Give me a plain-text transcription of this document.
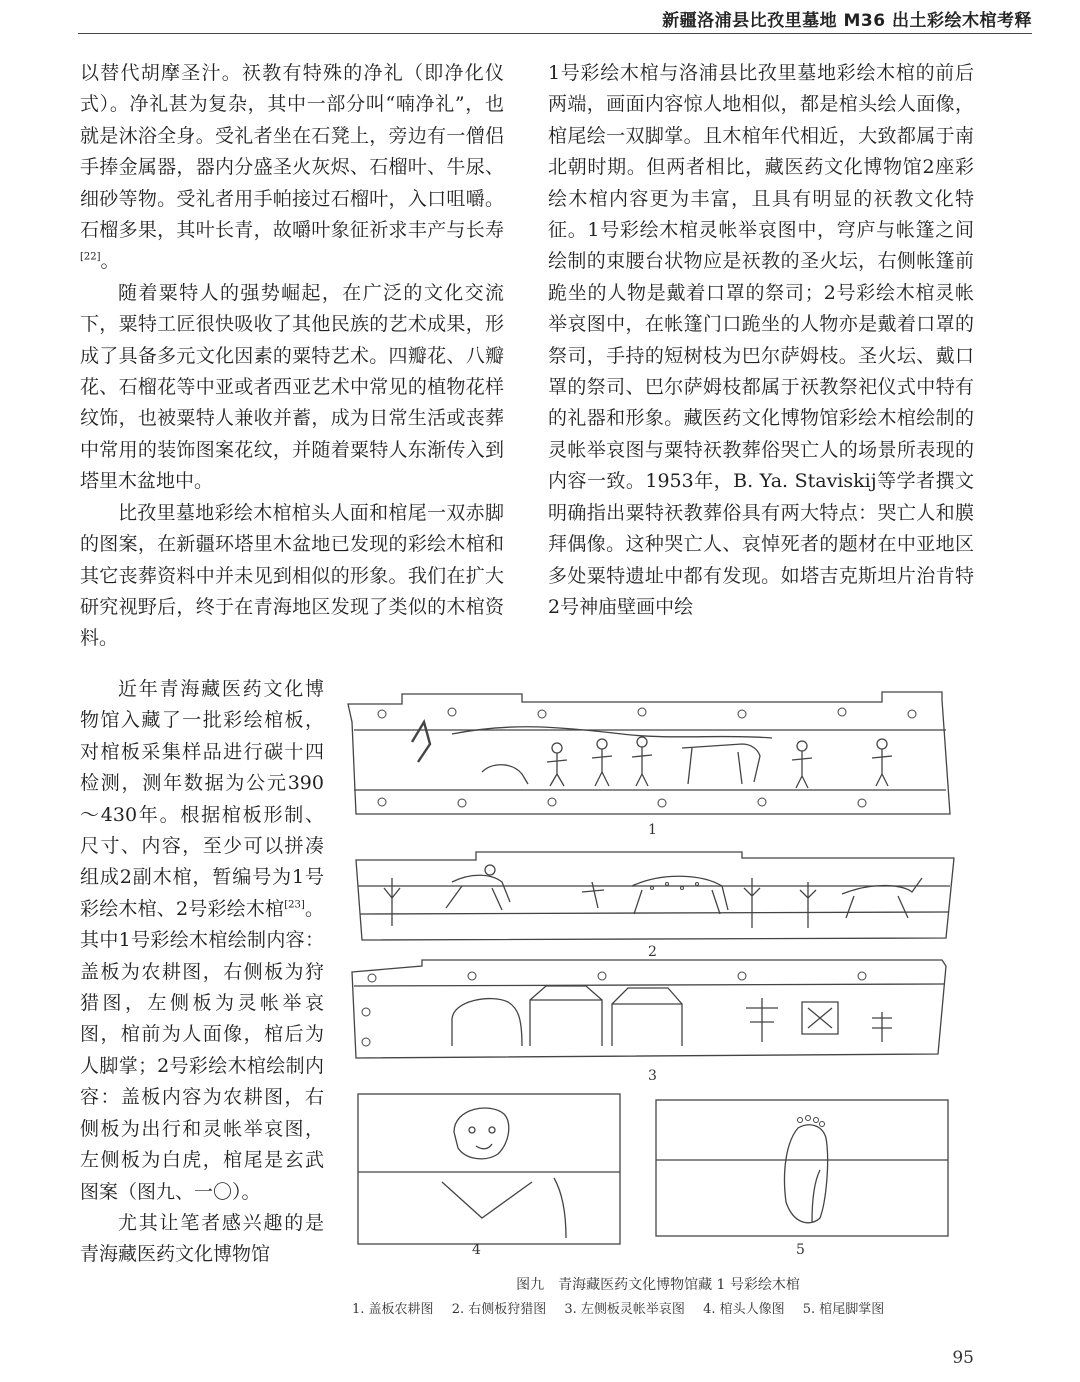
新疆洛浦县比孜里墓地 M36 出土彩绘木棺考释

以替代胡摩圣汁。祆教有特殊的净礼（即净化仪式）。净礼甚为复杂，其中一部分叫“喃净礼”，也就是沐浴全身。受礼者坐在石凳上，旁边有一僧侣手捧金属器，器内分盛圣火灰烬、石榴叶、牛尿、细砂等物。受礼者用手帕接过石榴叶，入口咀嚼。石榴多果，其叶长青，故嚼叶象征祈求丰产与长寿[22]。

随着粟特人的强势崛起，在广泛的文化交流下，粟特工匠很快吸收了其他民族的艺术成果，形成了具备多元文化因素的粟特艺术。四瓣花、八瓣花、石榴花等中亚或者西亚艺术中常见的植物花样纹饰，也被粟特人兼收并蓄，成为日常生活或丧葬中常用的装饰图案花纹，并随着粟特人东渐传入到塔里木盆地中。

比孜里墓地彩绘木棺棺头人面和棺尾一双赤脚的图案，在新疆环塔里木盆地已发现的彩绘木棺和其它丧葬资料中并未见到相似的形象。我们在扩大研究视野后，终于在青海地区发现了类似的木棺资料。

近年青海藏医药文化博物馆入藏了一批彩绘棺板，对棺板采集样品进行碳十四检测，测年数据为公元390～430年。根据棺板形制、尺寸、内容，至少可以拼凑组成2副木棺，暂编号为1号彩绘木棺、2号彩绘木棺[23]。其中1号彩绘木棺绘制内容：盖板为农耕图，右侧板为狩猎图，左侧板为灵帐举哀图，棺前为人面像，棺后为人脚掌；2号彩绘木棺绘制内容：盖板内容为农耕图，右侧板为出行和灵帐举哀图，左侧板为白虎，棺尾是玄武图案（图九、一〇）。

尤其让笔者感兴趣的是青海藏医药文化博物馆

1号彩绘木棺与洛浦县比孜里墓地彩绘木棺的前后两端，画面内容惊人地相似，都是棺头绘人面像，棺尾绘一双脚掌。且木棺年代相近，大致都属于南北朝时期。但两者相比，藏医药文化博物馆2座彩绘木棺内容更为丰富，且具有明显的祆教文化特征。1号彩绘木棺灵帐举哀图中，穹庐与帐篷之间绘制的束腰台状物应是祆教的圣火坛，右侧帐篷前跪坐的人物是戴着口罩的祭司；2号彩绘木棺灵帐举哀图中，在帐篷门口跪坐的人物亦是戴着口罩的祭司，手持的短树枝为巴尔萨姆枝。圣火坛、戴口罩的祭司、巴尔萨姆枝都属于祆教祭祀仪式中特有的礼器和形象。藏医药文化博物馆彩绘木棺绘制的灵帐举哀图与粟特祆教葬俗哭亡人的场景所表现的内容一致。1953年，B. Ya. Staviskij等学者撰文明确指出粟特祆教葬俗具有两大特点：哭亡人和膜拜偶像。这种哭亡人、哀悼死者的题材在中亚地区多处粟特遗址中都有发现。如塔吉克斯坦片治肯特2号神庙壁画中绘

1
2
3
4	5
图九　青海藏医药文化博物馆藏 1 号彩绘木棺
1. 盖板农耕图 2. 右侧板狩猎图 3. 左侧板灵帐举哀图 4. 棺头人像图 5. 棺尾脚掌图
95
